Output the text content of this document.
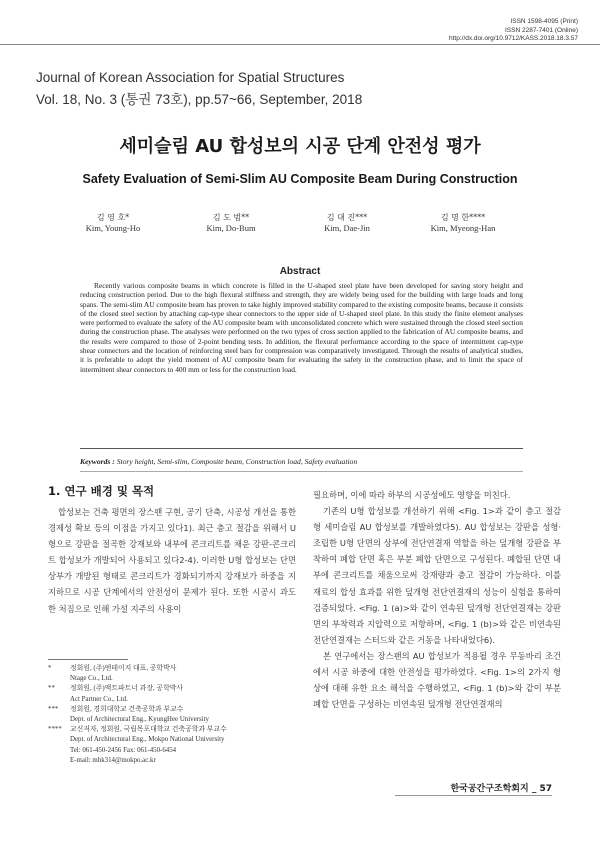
ISSN 1598-4095 (Print)
ISSN 2287-7401 (Online)
http://dx.doi.org/10.9712/KASS.2018.18.3.57
Journal of Korean Association for Spatial Structures
Vol. 18, No. 3 (통권 73호), pp.57~66, September, 2018
세미슬림 AU 합성보의 시공 단계 안전성 평가
Safety Evaluation of Semi-Slim AU Composite Beam During Construction
김 영 호*
Kim, Young-Ho
김 도 범**
Kim, Do-Bum
김 대 진***
Kim, Dae-Jin
김 명 한****
Kim, Myeong-Han
Abstract
Recently various composite beams in which concrete is filled in the U-shaped steel plate have been developed for saving story height and reducing construction period. Due to the high flexural stiffness and strength, they are widely being used for the building with large loads and long spans. The semi-slim AU composite beam has proven to take highly improved stability compared to the existing composite beams, because it consists of the closed steel section by attaching cap-type shear connectors to the upper side of U-shaped steel plate. In this study the finite element analyses were performed to evaluate the safety of the AU composite beam with unconsolidated concrete which were sustained through the closed steel section during the construction phase. The analyses were performed on the two types of cross section applied to the fabrication of AU composite beams, and the results were compared to those of 2-point bending tests. In addition, the flexural performance according to the space of intermittent cap-type shear connectors and the location of reinforcing steel bars for compression was comparatively investigated. Through the results of analytical studies, it is preferable to adopt the yield moment of AU composite beam for evaluating the safety in the construction phase, and to limit the space of intermittent shear connectors to 400 mm or less for the construction load.
Keywords : Story height, Semi-slim, Composite beam, Construction load, Safety evaluation
1. 연구 배경 및 목적

합성보는 건축 평면의 장스팬 구현, 공기 단축, 시공성 개선을 통한 경제성 확보 등의 이점을 가지고 있다1). 최근 층고 절감을 위해서 U형으로 강판을 절곡한 강재보와 내부에 콘크리트를 채운 강판-콘크리트 합성보가 개발되어 사용되고 있다2-4). 이러한 U형 합성보는 단면 상부가 개방된 형태로 콘크리트가 경화되기까지 강재보가 하중을 지지하므로 시공 단계에서의 안전성이 문제가 된다. 또한 시공시 과도한 처짐으로 인해 가설 지주의 사용이

필요하며, 이에 따라 하부의 시공성에도 영향을 미친다.

기존의 U형 합성보를 개선하기 위해 <Fig. 1>과 같이 층고 절감형 세미슬림 AU 합성보를 개발하였다5). AU 합성보는 강판을 성형·조립한 U형 단면의 상부에 전단연결재 역할을 하는 덮개형 강판을 부착하여 폐합 단면 혹은 부분 폐합 단면으로 구성된다. 폐합된 단면 내부에 콘크리트를 채움으로써 강재량과 층고 절감이 가능하다. 이를 재료의 합성 효과를 위한 덮개형 전단연결재의 성능이 실험을 통하여 검증되었다. <Fig. 1 (a)>와 같이 연속된 덮개형 전단연결재는 강판면의 부착력과 지압력으로 저항하며, <Fig. 1 (b)>와 같은 비연속된 전단연결재는 스터드와 같은 거동을 나타내었다6).

본 연구에서는 장스팬의 AU 합성보가 적용될 경우 무동바리 조건에서 시공 하중에 대한 안전성을 평가하였다. <Fig. 1>의 2가지 형상에 대해 유한 요소 해석을 수행하였고, <Fig. 1 (b)>와 같이 부분 폐합 단면을 구성하는 비연속된 덮개형 전단연결재의

*	정회원, (주)엔테이지 대표, 공학박사
Ntage Co., Ltd.
**	정회원, (주)액트파트너 과장, 공학박사
Act Partner Co., Ltd.
***	정회원, 경희대학교 건축공학과 부교수
Dept. of Architectural Eng., KyungHee University
****	교신저자, 정회원, 국립목포대학교 건축공학과 부교수
Dept. of Architectural Eng., Mokpo National University
Tel: 061-450-2456 Fax: 061-450-6454
E-mail: mhk314@mokpo.ac.kr
한국공간구조학회지 _ 57
